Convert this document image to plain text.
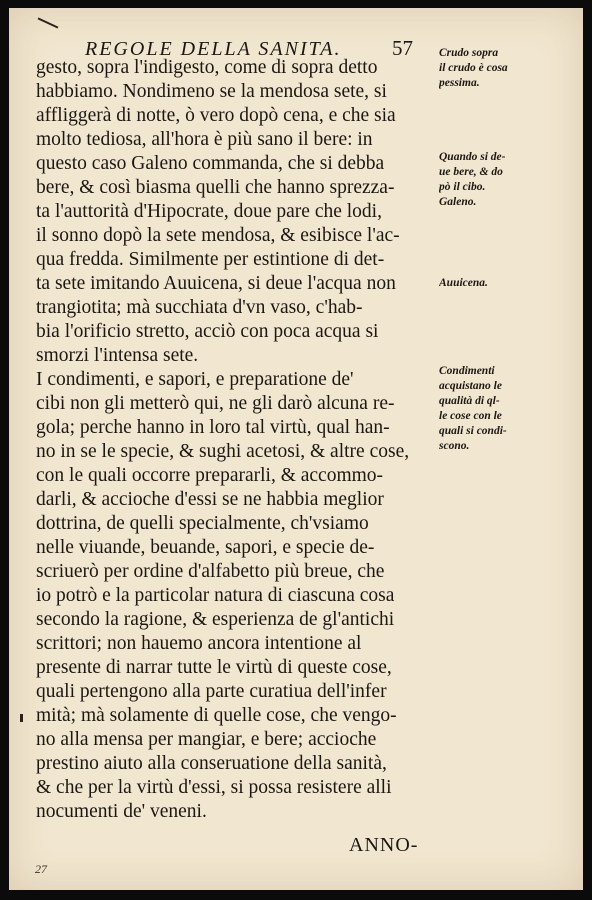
REGOLE DELLA SANITA. 57
gesto, sopra l'indigesto, come di sopra detto
habbiamo. Nondimeno se la mendosa sete, si
affliggerà di notte, ò vero dopò cena, e che sia
molto tediosa, all'hora è più sano il bere: in
questo caso Galeno commanda, che si debba
bere, & così biasma quelli che hanno sprezza-
ta l'auttorità d'Hipocrate, doue pare che lodi,
il sonno dopò la sete mendosa, & esibisce l'ac-
qua fredda. Similmente per estintione di det-
ta sete imitando Auuicena, si deue l'acqua non
trangiotita; mà succhiata d'vn vaso, c'hab-
bia l'orificio stretto, acciò con poca acqua si
smorzi l'intensa sete.
I condimenti, e sapori, e preparatione de'
cibi non gli metterò qui, ne gli darò alcuna re-
gola; perche hanno in loro tal virtù, qual han-
no in se le specie, & sughi acetosi, & altre cose,
con le quali occorre prepararli, & accommo-
darli, & accioche d'essi se ne habbia meglior
dottrina, de quelli specialmente, ch'vsiamo
nelle viuande, beuande, sapori, e specie de-
scriuerò per ordine d'alfabetto più breue, che
io potrò e la particolar natura di ciascuna cosa
secondo la ragione, & esperienza de gl'antichi
scrittori; non hauemo ancora intentione al
presente di narrar tutte le virtù di queste cose,
quali pertengono alla parte curatiua dell'infer
mità; mà solamente di quelle cose, che vengo-
no alla mensa per mangiar, e bere; accioche
prestino aiuto alla conseruatione della sanità,
& che per la virtù d'essi, si possa resistere alli
nocumenti de' veneni.
Crudo sopra
il crudo è cosa
pessima.
Quando si de-
ue bere, & do
pò il cibo.
Galeno.
Auuicena.
Condimenti
acquistano le
qualità di ql-
le cose con le
quali si condi-
scono.
ANNO-
27
